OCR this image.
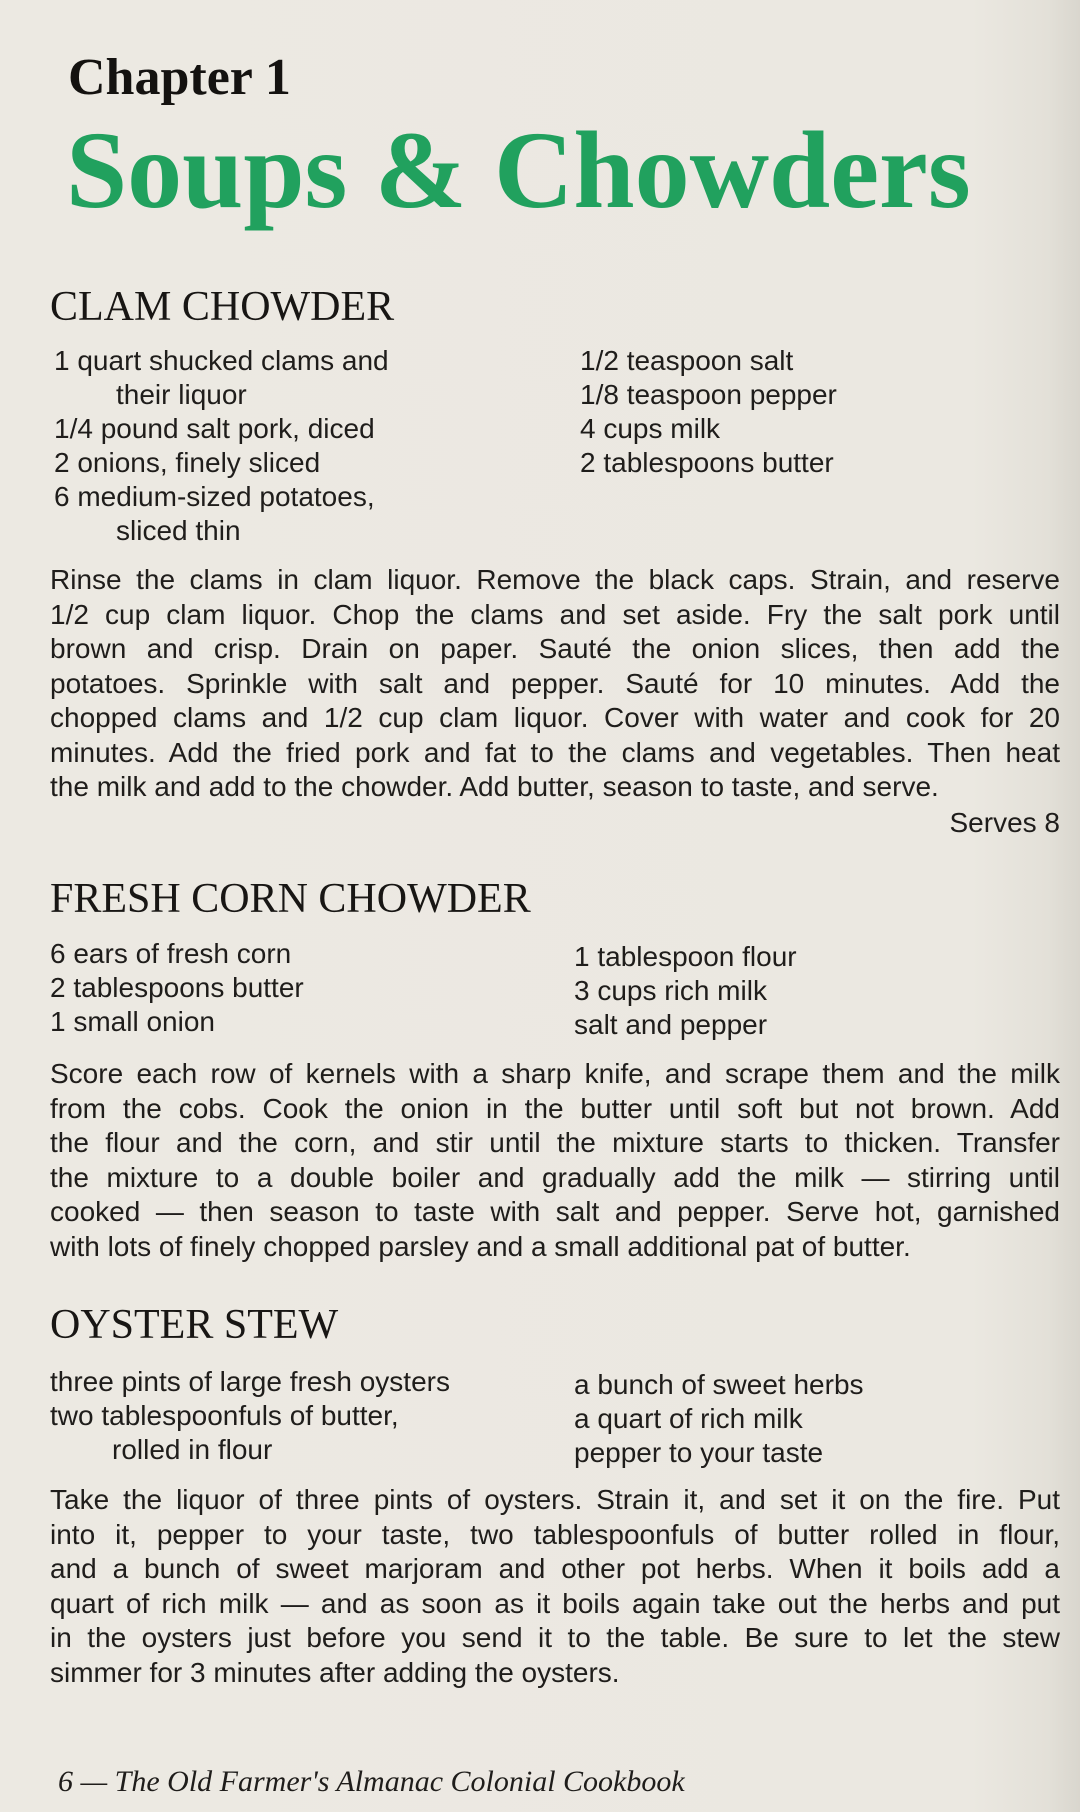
Chapter 1
Soups & Chowders
CLAM CHOWDER
1 quart shucked clams and
their liquor
1/4 pound salt pork, diced
2 onions, finely sliced
6 medium-sized potatoes,
sliced thin
1/2 teaspoon salt
1/8 teaspoon pepper
4 cups milk
2 tablespoons butter
Rinse the clams in clam liquor. Remove the black caps. Strain, and reserve
1/2 cup clam liquor. Chop the clams and set aside. Fry the salt pork until
brown and crisp. Drain on paper. Sauté the onion slices, then add the
potatoes. Sprinkle with salt and pepper. Sauté for 10 minutes. Add the
chopped clams and 1/2 cup clam liquor. Cover with water and cook for 20
minutes. Add the fried pork and fat to the clams and vegetables. Then heat
the milk and add to the chowder. Add butter, season to taste, and serve.
Serves 8
FRESH CORN CHOWDER
6 ears of fresh corn
2 tablespoons butter
1 small onion
1 tablespoon flour
3 cups rich milk
salt and pepper
Score each row of kernels with a sharp knife, and scrape them and the milk
from the cobs. Cook the onion in the butter until soft but not brown. Add
the flour and the corn, and stir until the mixture starts to thicken. Transfer
the mixture to a double boiler and gradually add the milk — stirring until
cooked — then season to taste with salt and pepper. Serve hot, garnished
with lots of finely chopped parsley and a small additional pat of butter.
OYSTER STEW
three pints of large fresh oysters
two tablespoonfuls of butter,
rolled in flour
a bunch of sweet herbs
a quart of rich milk
pepper to your taste
Take the liquor of three pints of oysters. Strain it, and set it on the fire. Put
into it, pepper to your taste, two tablespoonfuls of butter rolled in flour,
and a bunch of sweet marjoram and other pot herbs. When it boils add a
quart of rich milk — and as soon as it boils again take out the herbs and put
in the oysters just before you send it to the table. Be sure to let the stew
simmer for 3 minutes after adding the oysters.
6 — The Old Farmer's Almanac Colonial Cookbook
